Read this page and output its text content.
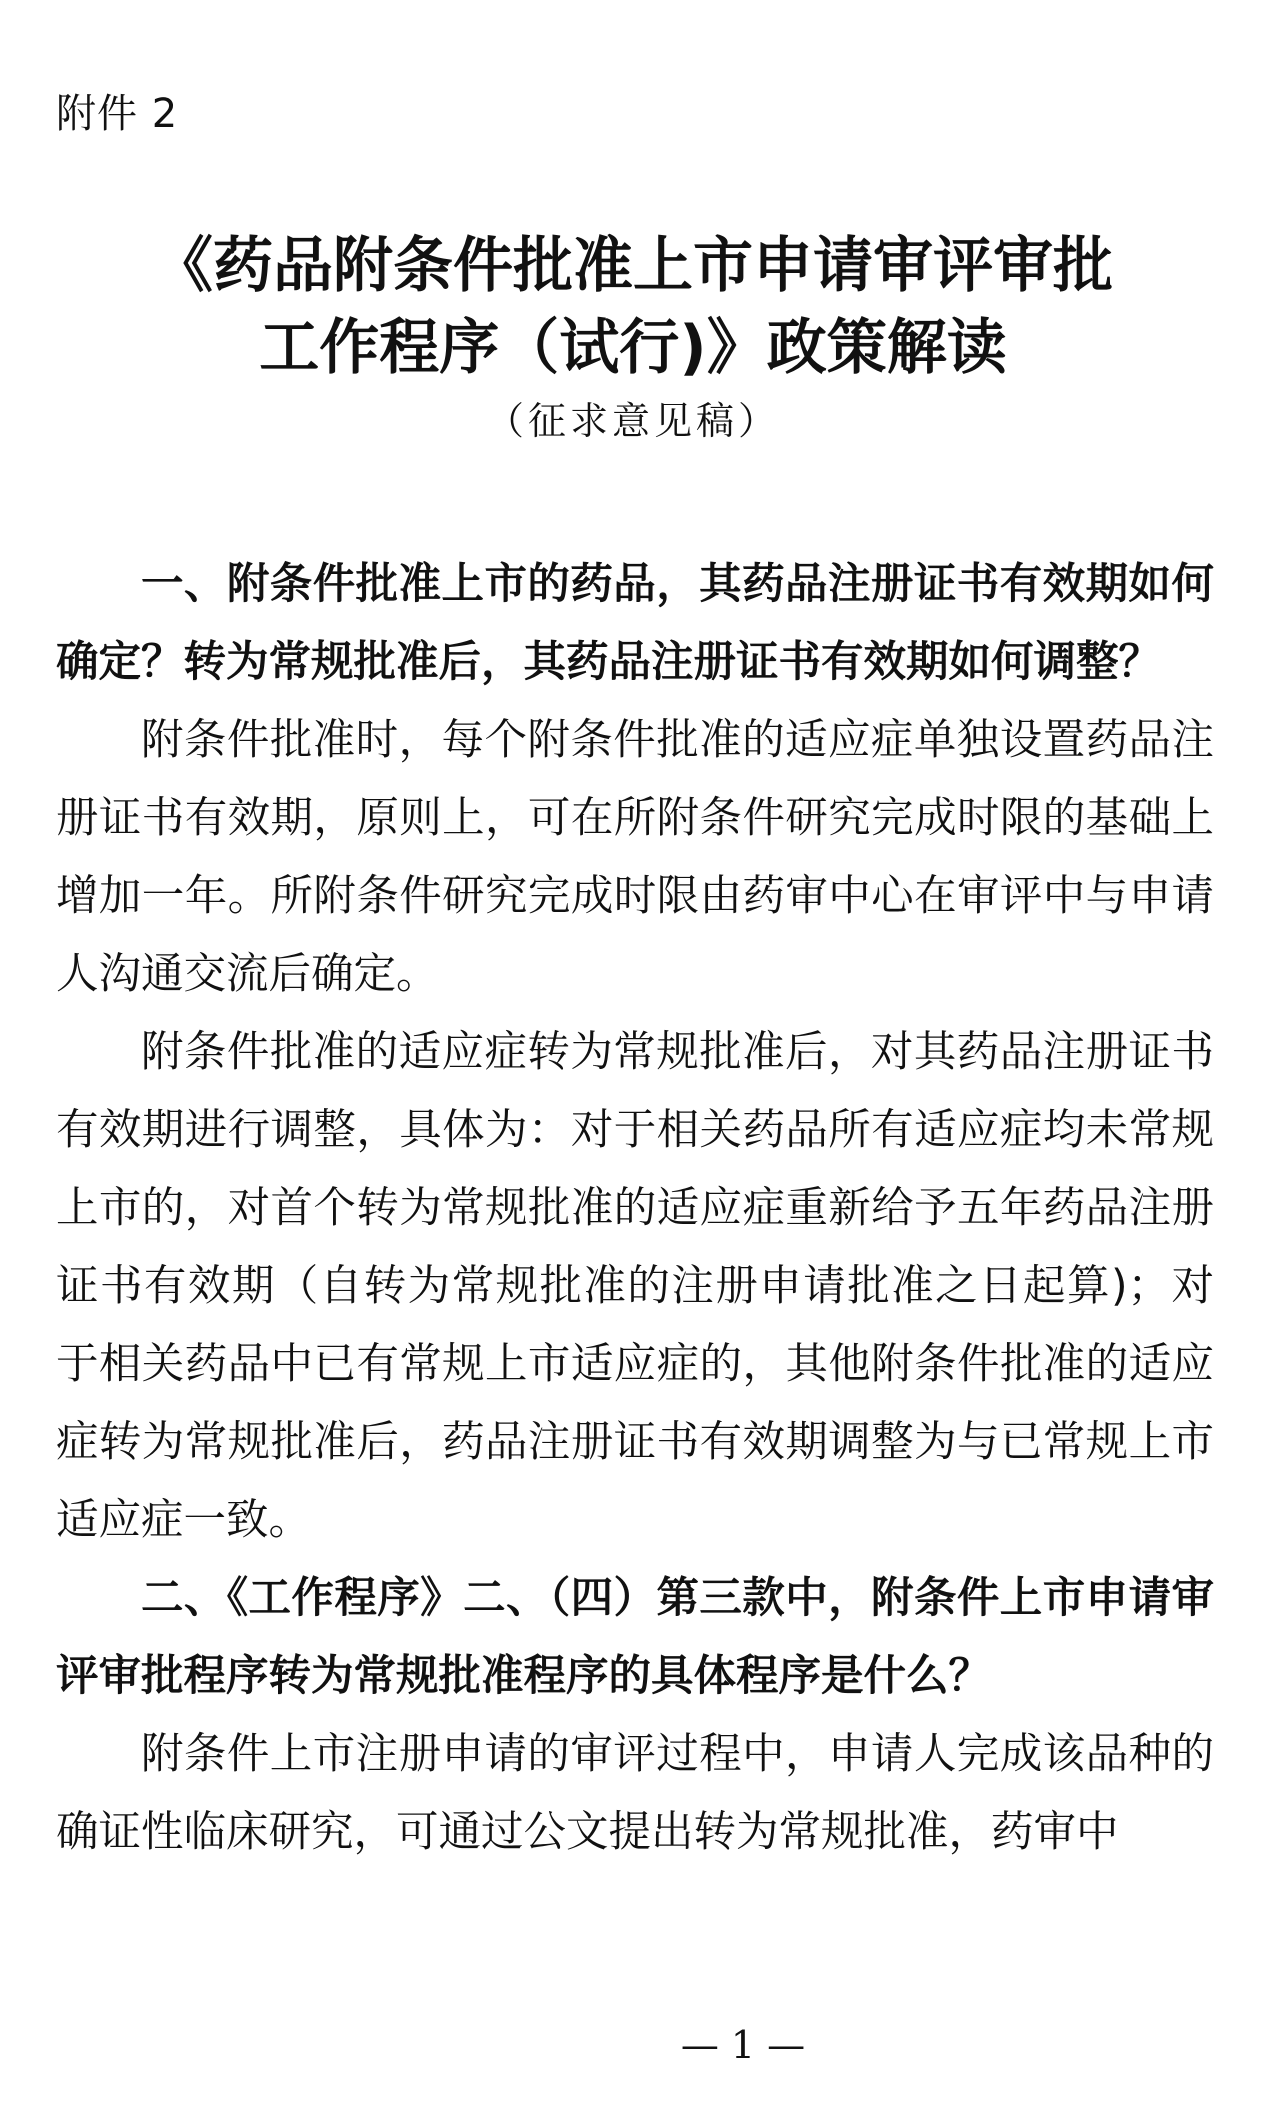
附件 2
《药品附条件批准上市申请审评审批
工作程序（试行)》政策解读
（征求意见稿）

一、附条件批准上市的药品，其药品注册证书有效期如何确定？转为常规批准后，其药品注册证书有效期如何调整？

附条件批准时，每个附条件批准的适应症单独设置药品注册证书有效期，原则上，可在所附条件研究完成时限的基础上增加一年。所附条件研究完成时限由药审中心在审评中与申请人沟通交流后确定。

附条件批准的适应症转为常规批准后，对其药品注册证书有效期进行调整，具体为：对于相关药品所有适应症均未常规上市的，对首个转为常规批准的适应症重新给予五年药品注册证书有效期（自转为常规批准的注册申请批准之日起算)；对于相关药品中已有常规上市适应症的，其他附条件批准的适应症转为常规批准后，药品注册证书有效期调整为与已常规上市适应症一致。

二、《工作程序》二、（四）第三款中，附条件上市申请审评审批程序转为常规批准程序的具体程序是什么？

附条件上市注册申请的审评过程中，申请人完成该品种的确证性临床研究，可通过公文提出转为常规批准，药审中

— 1 —
